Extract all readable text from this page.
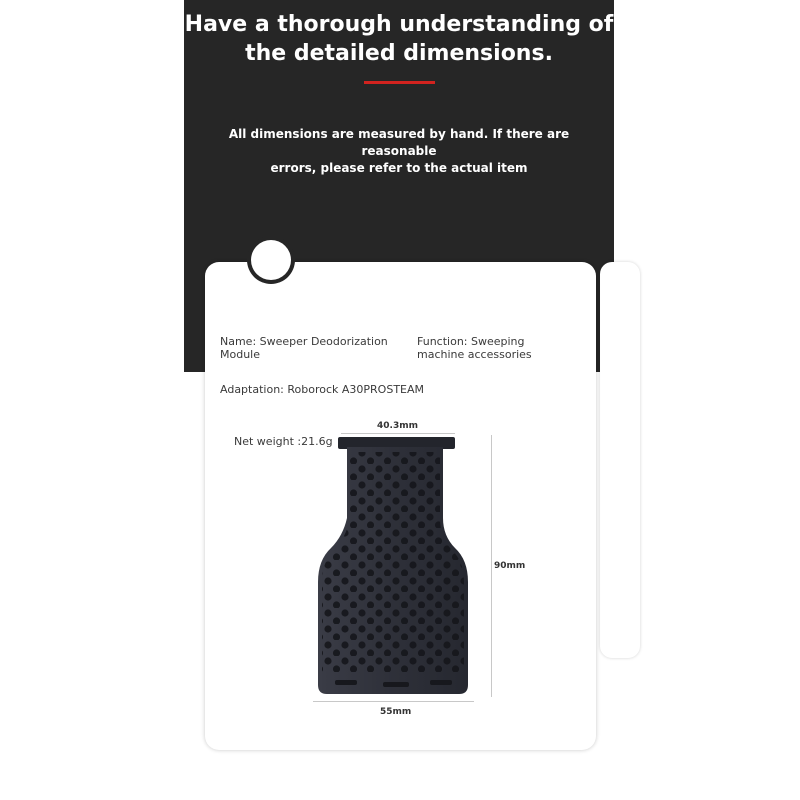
Have a thorough understanding of
the detailed dimensions.
All dimensions are measured by hand. If there are reasonable
errors, please refer to the actual item
Name: Sweeper Deodorization
Module
Function: Sweeping
machine accessories
Adaptation: Roborock A30PROSTEAM
Net weight :21.6g
40.3mm
90mm
55mm
